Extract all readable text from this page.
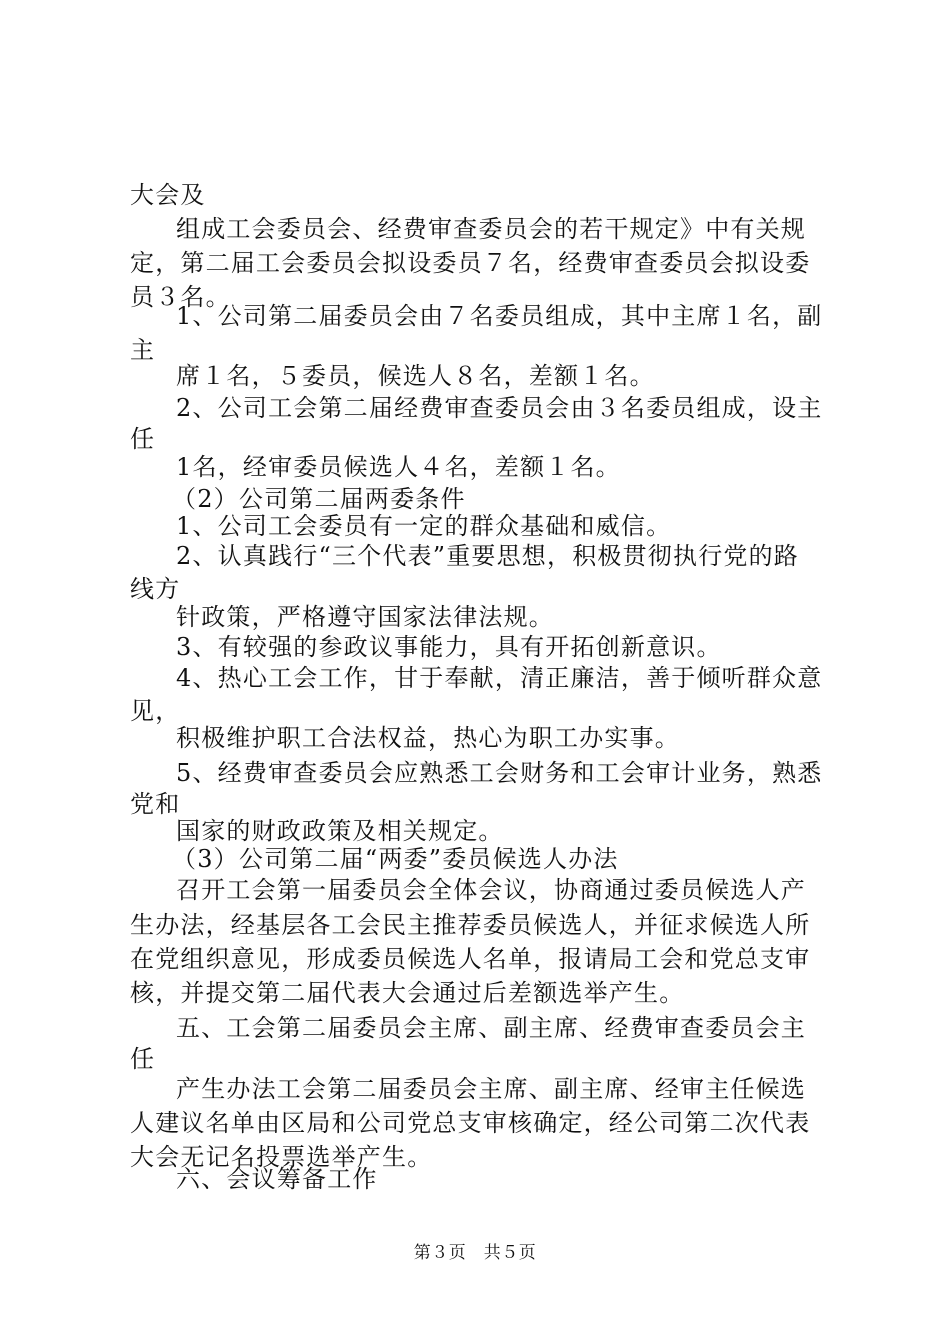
大会及
组成工会委员会、经费审查委员会的若干规定》中有关规
定，第二届工会委员会拟设委员７名，经费审查委员会拟设委
员３名。
1、公司第二届委员会由７名委员组成，其中主席１名，副
主
席１名，５委员，候选人８名，差额１名。
2、公司工会第二届经费审查委员会由３名委员组成，设主
任
1名，经审委员候选人４名，差额１名。
（2）公司第二届两委条件
1、公司工会委员有一定的群众基础和威信。
2、认真践行“三个代表”重要思想，积极贯彻执行党的路
线方
针政策，严格遵守国家法律法规。
3、有较强的参政议事能力，具有开拓创新意识。
4、热心工会工作，甘于奉献，清正廉洁，善于倾听群众意
见，
积极维护职工合法权益，热心为职工办实事。
5、经费审查委员会应熟悉工会财务和工会审计业务，熟悉
党和
国家的财政政策及相关规定。
（3）公司第二届“两委”委员候选人办法
召开工会第一届委员会全体会议，协商通过委员候选人产
生办法，经基层各工会民主推荐委员候选人，并征求候选人所
在党组织意见，形成委员候选人名单，报请局工会和党总支审
核，并提交第二届代表大会通过后差额选举产生。
五、工会第二届委员会主席、副主席、经费审查委员会主
任
产生办法工会第二届委员会主席、副主席、经审主任候选
人建议名单由区局和公司党总支审核确定，经公司第二次代表
大会无记名投票选举产生。
六、会议筹备工作
第３页　共５页
